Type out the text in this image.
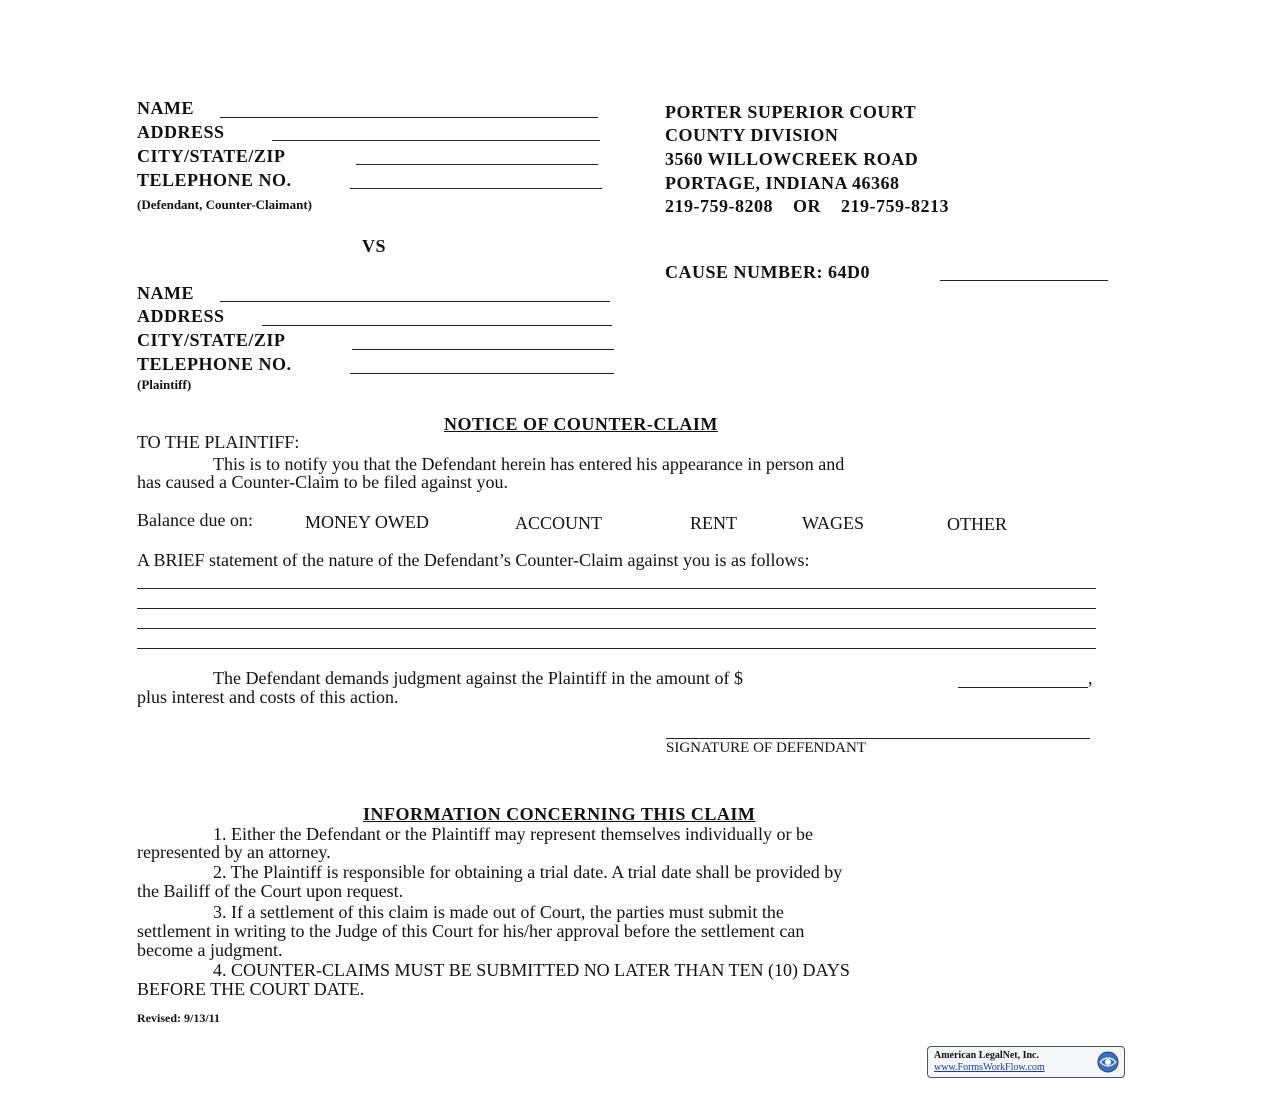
NAME
ADDRESS
CITY/STATE/ZIP
TELEPHONE NO.
(Defendant, Counter-Claimant)
VS
NAME
ADDRESS
CITY/STATE/ZIP
TELEPHONE NO.
(Plaintiff)
PORTER SUPERIOR COURT
COUNTY DIVISION
3560 WILLOWCREEK ROAD
PORTAGE, INDIANA 46368
219-759-8208    OR    219-759-8213
CAUSE NUMBER: 64D0
NOTICE OF COUNTER-CLAIM
TO THE PLAINTIFF:
This is to notify you that the Defendant herein has entered his appearance in person and
has caused a Counter-Claim to be filed against you.
Balance due on:	MONEY OWED	ACCOUNT	RENT	WAGES	OTHER
A BRIEF statement of the nature of the Defendant’s Counter-Claim against you is as follows:
The Defendant demands judgment against the Plaintiff in the amount of $	,
plus interest and costs of this action.
SIGNATURE OF DEFENDANT
INFORMATION CONCERNING THIS CLAIM
1. Either the Defendant or the Plaintiff may represent themselves individually or be
represented by an attorney.
2. The Plaintiff is responsible for obtaining a trial date. A trial date shall be provided by
the Bailiff of the Court upon request.
3. If a settlement of this claim is made out of Court, the parties must submit the
settlement in writing to the Judge of this Court for his/her approval before the settlement can
become a judgment.
4. COUNTER-CLAIMS MUST BE SUBMITTED NO LATER THAN TEN (10) DAYS
BEFORE THE COURT DATE.
Revised: 9/13/11
American LegalNet, Inc.
www.FormsWorkFlow.com
